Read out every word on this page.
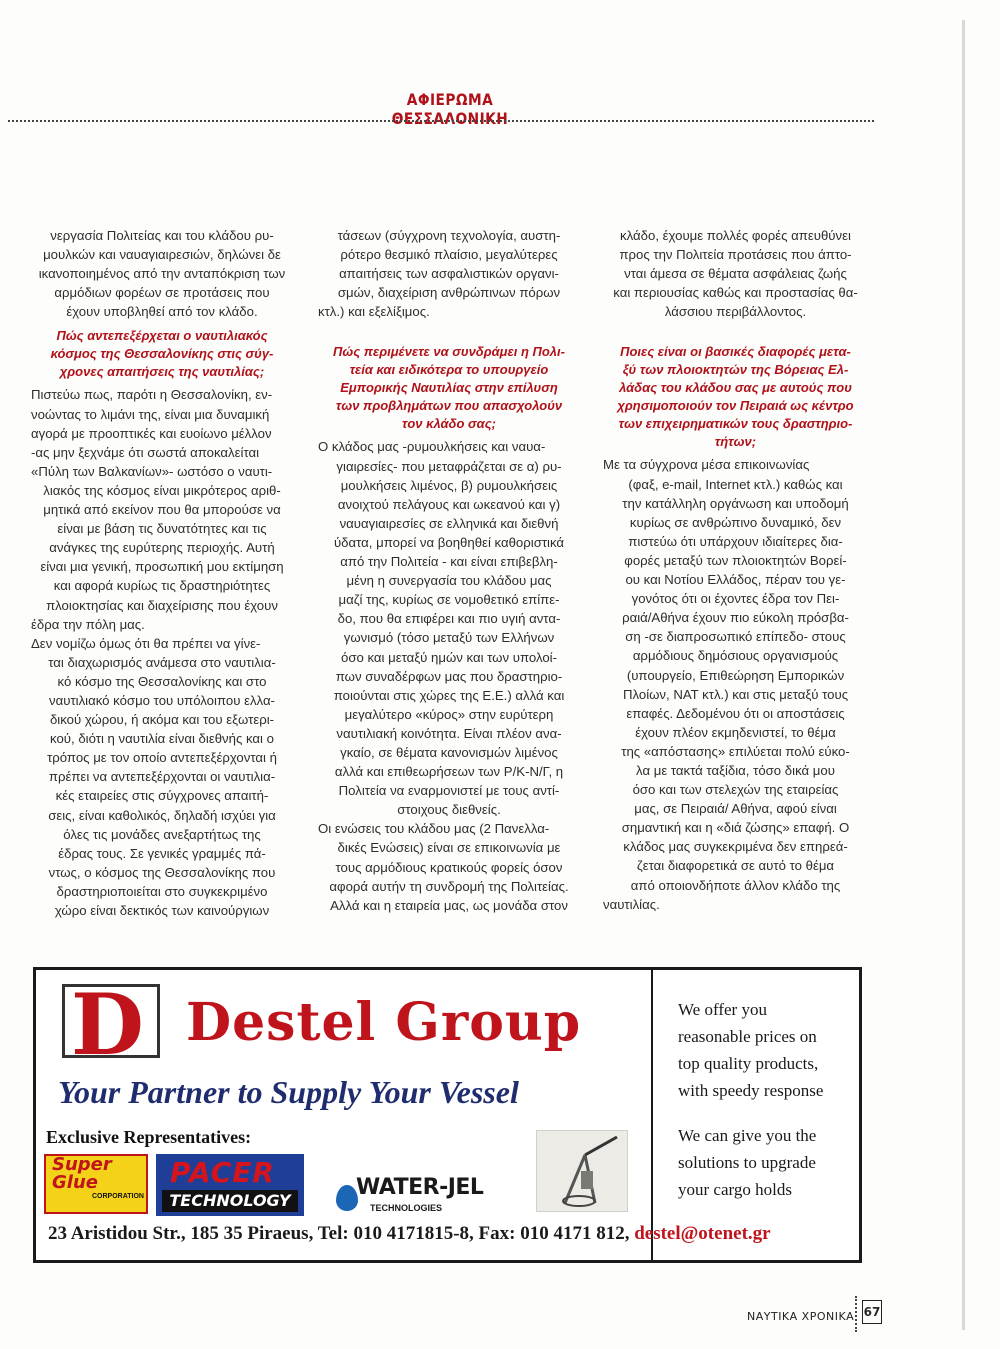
ΑΦΙΕΡΩΜΑ ΘΕΣΣΑΛΟΝΙΚΗ

νεργασία Πολιτείας και του κλάδου ρυ-

μουλκών και ναυαγιαιρεσιών, δηλώνει δε

ικανοποιημένος από την ανταπόκριση των

αρμόδιων φορέων σε προτάσεις που

έχουν υποβληθεί από τον κλάδο.

Πώς αντεπεξέρχεται ο ναυτιλιακός
κόσμος της Θεσσαλονίκης στις σύγ-
χρονες απαιτήσεις της ναυτιλίας;

Πιστεύω πως, παρότι η Θεσσαλονίκη, εν-

νοώντας το λιμάνι της, είναι μια δυναμική

αγορά με προοπτικές και ευοίωνο μέλλον

-ας μην ξεχνάμε ότι σωστά αποκαλείται

«Πύλη των Βαλκανίων»- ωστόσο ο ναυτι-

λιακός της κόσμος είναι μικρότερος αριθ-

μητικά από εκείνον που θα μπορούσε να

είναι με βάση τις δυνατότητες και τις

ανάγκες της ευρύτερης περιοχής. Αυτή

είναι μια γενική, προσωπική μου εκτίμηση

και αφορά κυρίως τις δραστηριότητες

πλοιοκτησίας και διαχείρισης που έχουν

έδρα την πόλη μας.

Δεν νομίζω όμως ότι θα πρέπει να γίνε-

ται διαχωρισμός ανάμεσα στο ναυτιλια-

κό κόσμο της Θεσσαλονίκης και στο

ναυτιλιακό κόσμο του υπόλοιπου ελλα-

δικού χώρου, ή ακόμα και του εξωτερι-

κού, διότι η ναυτιλία είναι διεθνής και ο

τρόπος με τον οποίο αντεπεξέρχονται ή

πρέπει να αντεπεξέρχονται οι ναυτιλια-

κές εταιρείες στις σύγχρονες απαιτή-

σεις, είναι καθολικός, δηλαδή ισχύει για

όλες τις μονάδες ανεξαρτήτως της

έδρας τους. Σε γενικές γραμμές πά-

ντως, ο κόσμος της Θεσσαλονίκης που

δραστηριοποιείται στο συγκεκριμένο

χώρο είναι δεκτικός των καινούργιων

τάσεων (σύγχρονη τεχνολογία, αυστη-

ρότερο θεσμικό πλαίσιο, μεγαλύτερες

απαιτήσεις των ασφαλιστικών οργανι-

σμών, διαχείριση ανθρώπινων πόρων

κτλ.) και εξελίξιμος.

Πώς περιμένετε να συνδράμει η Πολι-
τεία και ειδικότερα το υπουργείο
Εμπορικής Ναυτιλίας στην επίλυση
των προβλημάτων που απασχολούν
τον κλάδο σας;

Ο κλάδος μας -ρυμουλκήσεις και ναυα-

γιαιρεσίες- που μεταφράζεται σε α) ρυ-

μουλκήσεις λιμένος, β) ρυμουλκήσεις

ανοιχτού πελάγους και ωκεανού και γ)

ναυαγιαιρεσίες σε ελληνικά και διεθνή

ύδατα, μπορεί να βοηθηθεί καθοριστικά

από την Πολιτεία - και είναι επιβεβλη-

μένη η συνεργασία του κλάδου μας

μαζί της, κυρίως σε νομοθετικό επίπε-

δο, που θα επιφέρει και πιο υγιή αντα-

γωνισμό (τόσο μεταξύ των Ελλήνων

όσο και μεταξύ ημών και των υπολοί-

πων συναδέρφων μας που δραστηριο-

ποιούνται στις χώρες της Ε.Ε.) αλλά και

μεγαλύτερο «κύρος» στην ευρύτερη

ναυτιλιακή κοινότητα. Είναι πλέον ανα-

γκαίο, σε θέματα κανονισμών λιμένος

αλλά και επιθεωρήσεων των Ρ/Κ-Ν/Γ, η

Πολιτεία να εναρμονιστεί με τους αντί-

στοιχους διεθνείς.

Οι ενώσεις του κλάδου μας (2 Πανελλα-

δικές Ενώσεις) είναι σε επικοινωνία με

τους αρμόδιους κρατικούς φορείς όσον

αφορά αυτήν τη συνδρομή της Πολιτείας.

Αλλά και η εταιρεία μας, ως μονάδα στον

κλάδο, έχουμε πολλές φορές απευθύνει

προς την Πολιτεία προτάσεις που άπτο-

νται άμεσα σε θέματα ασφάλειας ζωής

και περιουσίας καθώς και προστασίας θα-

λάσσιου περιβάλλοντος.

Ποιες είναι οι βασικές διαφορές μετα-
ξύ των πλοιοκτητών της Βόρειας Ελ-
λάδας του κλάδου σας με αυτούς που
χρησιμοποιούν τον Πειραιά ως κέντρο
των επιχειρηματικών τους δραστηριο-
τήτων;

Με τα σύγχρονα μέσα επικοινωνίας

(φαξ, e-mail, Internet κτλ.) καθώς και

την κατάλληλη οργάνωση και υποδομή

κυρίως σε ανθρώπινο δυναμικό, δεν

πιστεύω ότι υπάρχουν ιδιαίτερες δια-

φορές μεταξύ των πλοιοκτητών Βορεί-

ου και Νοτίου Ελλάδος, πέραν του γε-

γονότος ότι οι έχοντες έδρα τον Πει-

ραιά/Αθήνα έχουν πιο εύκολη πρόσβα-

ση -σε διαπροσωπικό επίπεδο- στους

αρμόδιους δημόσιους οργανισμούς

(υπουργείο, Επιθεώρηση Εμπορικών

Πλοίων, ΝΑΤ κτλ.) και στις μεταξύ τους

επαφές. Δεδομένου ότι οι αποστάσεις

έχουν πλέον εκμηδενιστεί, το θέμα

της «απόστασης» επιλύεται πολύ εύκο-

λα με τακτά ταξίδια, τόσο δικά μου

όσο και των στελεχών της εταιρείας

μας, σε Πειραιά/ Αθήνα, αφού είναι

σημαντική και η «διά ζώσης» επαφή. Ο

κλάδος μας συγκεκριμένα δεν επηρεά-

ζεται διαφορετικά σε αυτό το θέμα

από οποιονδήποτε άλλον κλάδο της

ναυτιλίας.

D Destel Group
Your Partner to Supply Your Vessel
Exclusive Representatives:
Super
Glue
CORPORATION
PACER
TECHNOLOGY
WATER-JEL
TECHNOLOGIES
We offer you
reasonable prices on
top quality products,
with speedy response
We can give you the
solutions to upgrade
your cargo holds
23 Aristidou Str., 185 35 Piraeus, Tel: 010 4171815-8, Fax: 010 4171 812, destel@otenet.gr
ΝΑΥΤΙΚΑ ΧΡΟΝΙΚΑ 67
